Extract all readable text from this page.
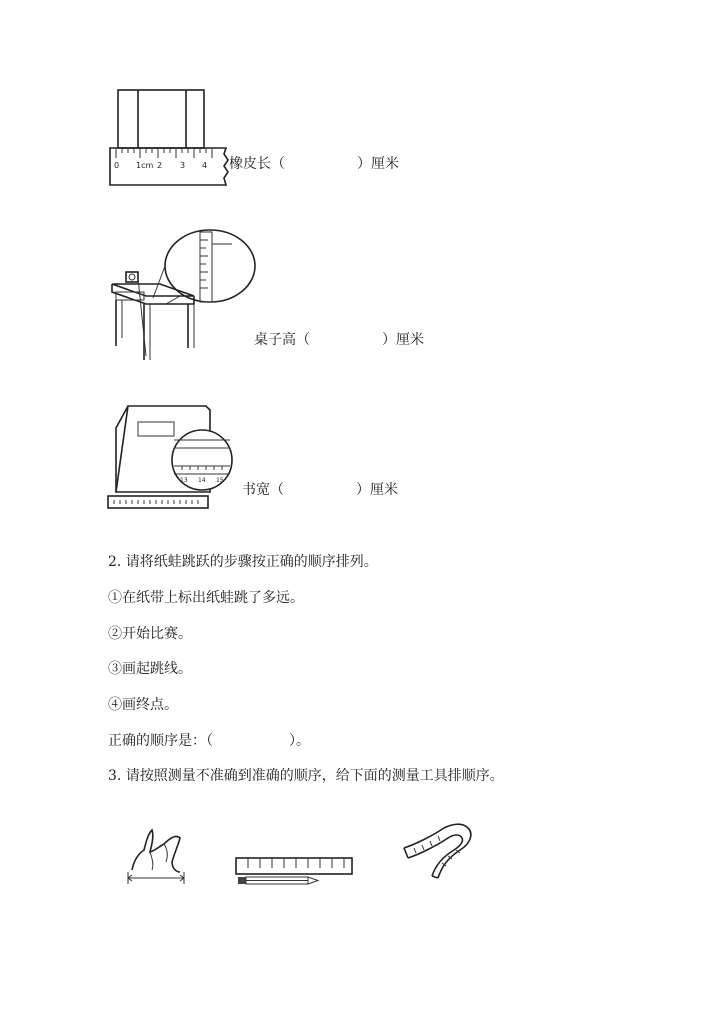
0 1cm 2 3 4 橡皮长（	）厘米
桌子高（	）厘米
13 14 15
书宽（	）厘米
2. 请将纸蛙跳跃的步骤按正确的顺序排列。
①在纸带上标出纸蛙跳了多远。
②开始比赛。
③画起跳线。
④画终点。
正确的顺序是：（	）。
3. 请按照测量不准确到准确的顺序，给下面的测量工具排顺序。
